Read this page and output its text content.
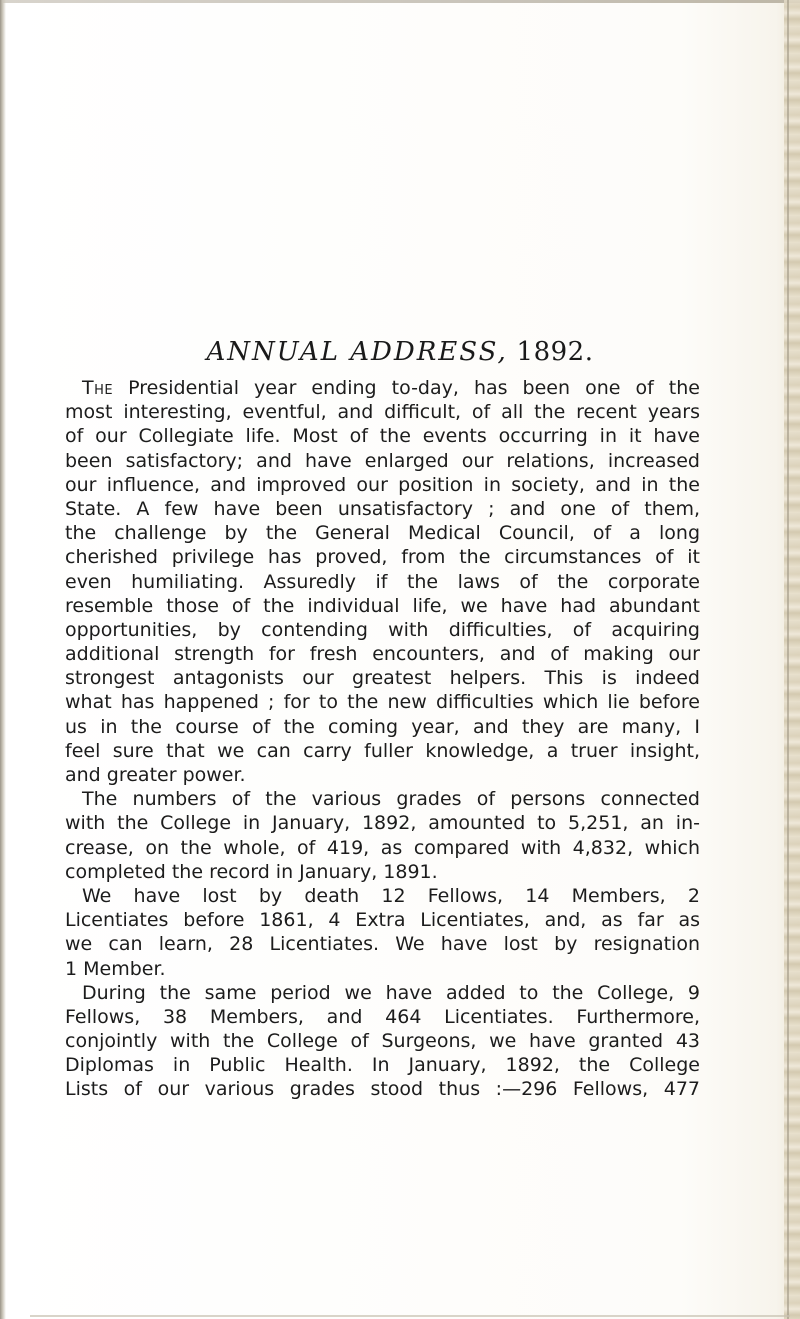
ANNUAL ADDRESS, 1892.
The Presidential year ending to-day, has been one of the
most interesting, eventful, and difficult, of all the recent years
of our Collegiate life. Most of the events occurring in it have
been satisfactory; and have enlarged our relations, increased
our influence, and improved our position in society, and in the
State. A few have been unsatisfactory ; and one of them,
the challenge by the General Medical Council, of a long
cherished privilege has proved, from the circumstances of it
even humiliating. Assuredly if the laws of the corporate
resemble those of the individual life, we have had abundant
opportunities, by contending with difficulties, of acquiring
additional strength for fresh encounters, and of making our
strongest antagonists our greatest helpers. This is indeed
what has happened ; for to the new difficulties which lie before
us in the course of the coming year, and they are many, I
feel sure that we can carry fuller knowledge, a truer insight,
and greater power.
The numbers of the various grades of persons connected
with the College in January, 1892, amounted to 5,251, an in-
crease, on the whole, of 419, as compared with 4,832, which
completed the record in January, 1891.
We have lost by death 12 Fellows, 14 Members, 2
Licentiates before 1861, 4 Extra Licentiates, and, as far as
we can learn, 28 Licentiates. We have lost by resignation
1 Member.
During the same period we have added to the College, 9
Fellows, 38 Members, and 464 Licentiates. Furthermore,
conjointly with the College of Surgeons, we have granted 43
Diplomas in Public Health. In January, 1892, the College
Lists of our various grades stood thus :—296 Fellows, 477
